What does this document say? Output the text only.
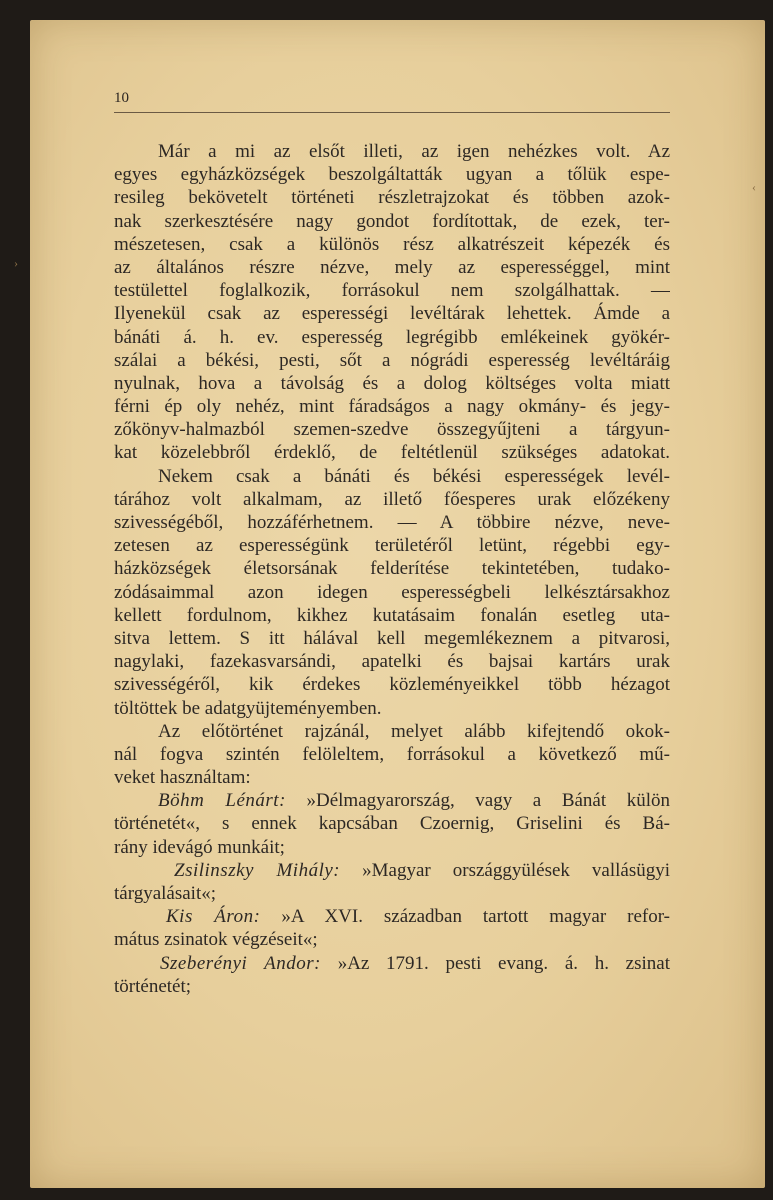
‹
›
10
Már a mi az elsőt illeti, az igen nehézkes volt. Az
egyes egyházközségek beszolgáltatták ugyan a tőlük espe-
resileg bekövetelt történeti részletrajzokat és többen azok-
nak szerkesztésére nagy gondot fordítottak, de ezek, ter-
mészetesen, csak a különös rész alkatrészeit képezék és
az általános részre nézve, mely az esperességgel, mint
testülettel foglalkozik, forrásokul nem szolgálhattak. —
Ilyenekül csak az esperességi levéltárak lehettek. Ámde a
bánáti á. h. ev. esperesség legrégibb emlékeinek gyökér-
szálai a békési, pesti, sőt a nógrádi esperesség levéltáráig
nyulnak, hova a távolság és a dolog költséges volta miatt
férni ép oly nehéz, mint fáradságos a nagy okmány- és jegy-
zőkönyv-halmazból szemen-szedve összegyűjteni a tárgyun-
kat közelebbről érdeklő, de feltétlenül szükséges adatokat.
Nekem csak a bánáti és békési esperességek levél-
tárához volt alkalmam, az illető főesperes urak előzékeny
szivességéből, hozzáférhetnem. — A többire nézve, neve-
zetesen az esperességünk területéről letünt, régebbi egy-
házközségek életsorsának felderítése tekintetében, tudako-
zódásaimmal azon idegen esperességbeli lelkésztársakhoz
kellett fordulnom, kikhez kutatásaim fonalán esetleg uta-
sitva lettem. S itt hálával kell megemlékeznem a pitvarosi,
nagylaki, fazekasvarsándi, apatelki és bajsai kartárs urak
szivességéről, kik érdekes közleményeikkel több hézagot
töltöttek be adatgyüjteményemben.
Az előtörténet rajzánál, melyet alább kifejtendő okok-
nál fogva szintén felöleltem, forrásokul a következő mű-
veket használtam:
Böhm Lénárt: »Délmagyarország, vagy a Bánát külön
történetét«, s ennek kapcsában Czoernig, Griselini és Bá-
rány idevágó munkáit;
Zsilinszky Mihály: »Magyar országgyülések vallásügyi
tárgyalásait«;
Kis Áron: »A XVI. században tartott magyar refor-
mátus zsinatok végzéseit«;
Szeberényi Andor: »Az 1791. pesti evang. á. h. zsinat
történetét;
